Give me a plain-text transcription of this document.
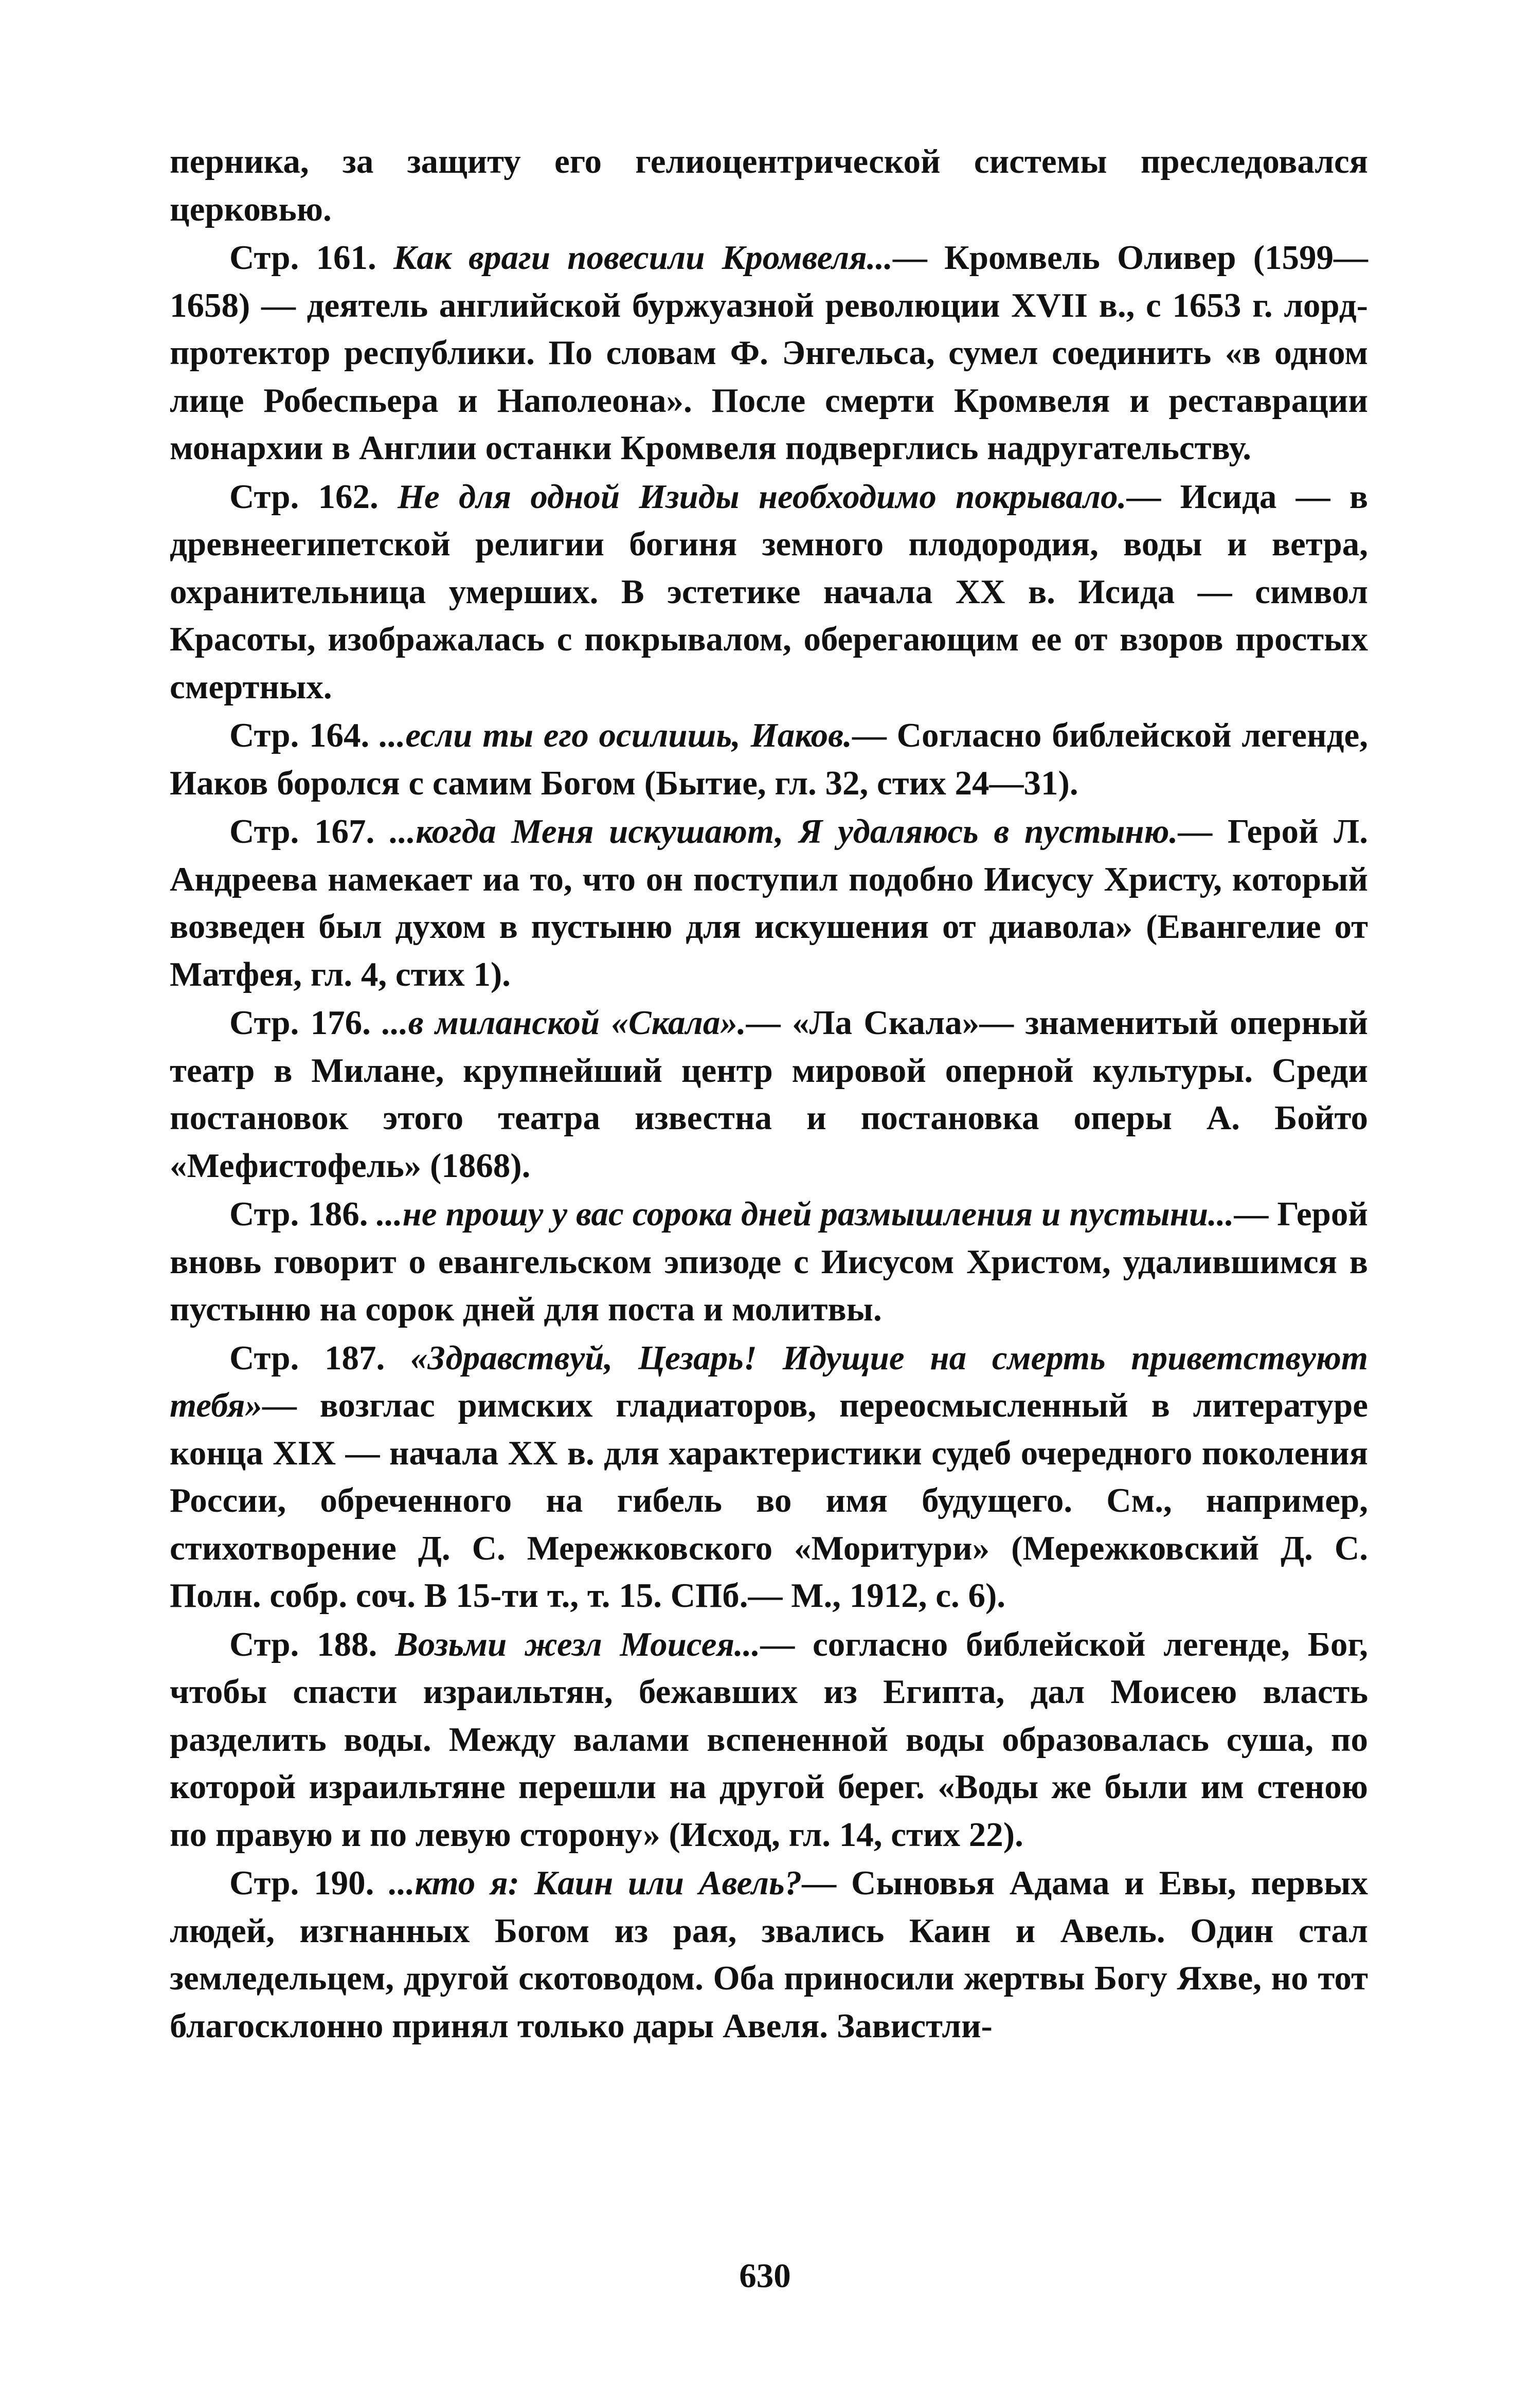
перника, за защиту его гелиоцентрической системы преследовался церковью.

Стр. 161. Как враги повесили Кромвеля...— Кромвель Оливер (1599—1658) — деятель английской буржуазной революции XVII в., с 1653 г. лорд-протектор республики. По словам Ф. Энгельса, сумел соединить «в одном лице Робеспьера и Наполеона». После смерти Кромвеля и реставрации монархии в Англии останки Кромвеля подверглись надругательству.

Стр. 162. Не для одной Изиды необходимо покрывало.— Исида — в древнеегипетской религии богиня земного плодородия, воды и ветра, охранительница умерших. В эстетике начала XX в. Исида — символ Красоты, изображалась с покрывалом, оберегающим ее от взоров простых смертных.

Стр. 164. ...если ты его осилишь, Иаков.— Согласно библейской легенде, Иаков боролся с самим Богом (Бытие, гл. 32, стих 24—31).

Стр. 167. ...когда Меня искушают, Я удаляюсь в пустыню.— Герой Л. Андреева намекает иа то, что он поступил подобно Иисусу Христу, который возведен был духом в пустыню для искушения от диавола» (Евангелие от Матфея, гл. 4, стих 1).

Стр. 176. ...в миланской «Скала».— «Ла Скала»— знаменитый оперный театр в Милане, крупнейший центр мировой оперной культуры. Среди постановок этого театра известна и постановка оперы А. Бойто «Мефистофель» (1868).

Стр. 186. ...не прошу у вас сорока дней размышления и пустыни...— Герой вновь говорит о евангельском эпизоде с Иисусом Христом, удалившимся в пустыню на сорок дней для поста и молитвы.

Стр. 187. «Здравствуй, Цезарь! Идущие на смерть приветствуют тебя»— возглас римских гладиаторов, переосмысленный в литературе конца XIX — начала XX в. для характеристики судеб очередного поколения России, обреченного на гибель во имя будущего. См., например, стихотворение Д. С. Мережковского «Моритури» (Мережковский Д. С. Полн. собр. соч. В 15-ти т., т. 15. СПб.— М., 1912, с. 6).

Стр. 188. Возьми жезл Моисея...— согласно библейской легенде, Бог, чтобы спасти израильтян, бежавших из Египта, дал Моисею власть разделить воды. Между валами вспененной воды образовалась суша, по которой израильтяне перешли на другой берег. «Воды же были им стеною по правую и по левую сторону» (Исход, гл. 14, стих 22).

Стр. 190. ...кто я: Каин или Авель?— Сыновья Адама и Евы, первых людей, изгнанных Богом из рая, звались Каин и Авель. Один стал земледельцем, другой скотоводом. Оба приносили жертвы Богу Яхве, но тот благосклонно принял только дары Авеля. Завистли-

630
